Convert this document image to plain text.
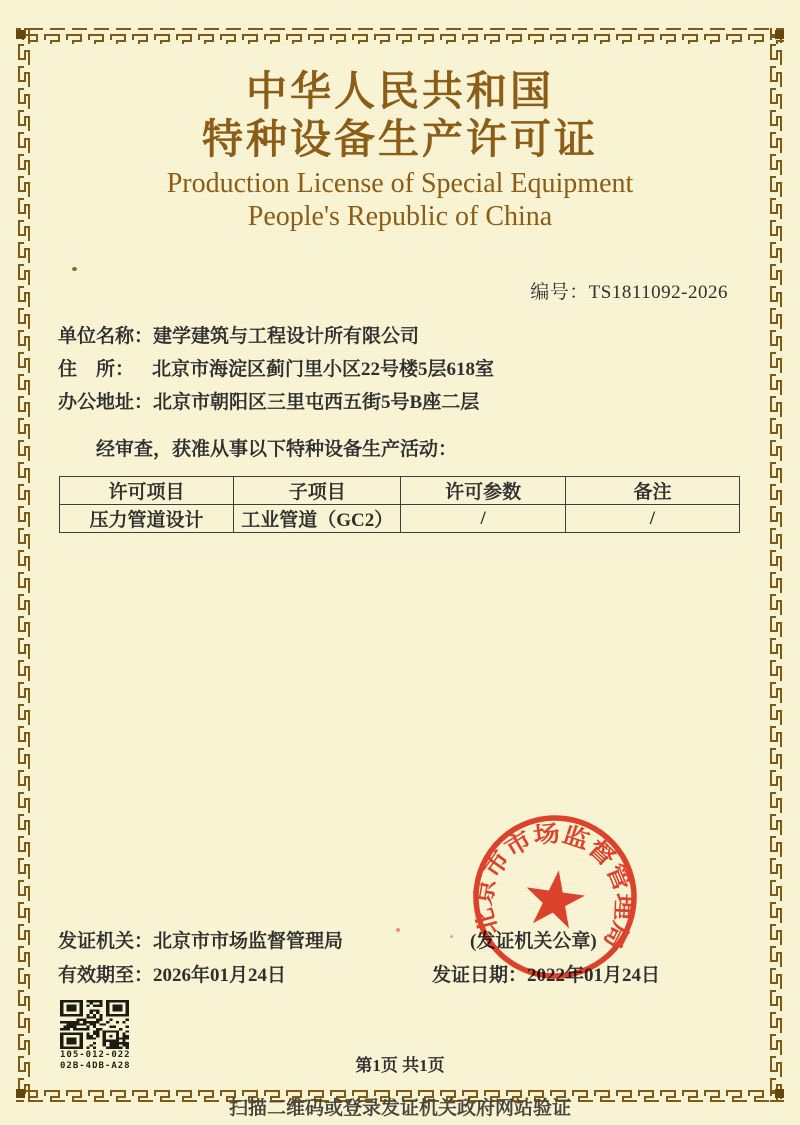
中华人民共和国
特种设备生产许可证
Production License of Special Equipment
People's Republic of China
编号：TS1811092-2026
单位名称：建学建筑与工程设计所有限公司
住　所： 北京市海淀区蓟门里小区22号楼5层618室
办公地址：北京市朝阳区三里屯西五街5号B座二层
经审查，获准从事以下特种设备生产活动：
许可项目	子项目	许可参数	备注
压力管道设计	工业管道（GC2）	/	/
发证机关：北京市市场监督管理局	(发证机关公章)
有效期至：2026年01月24日	发证日期：2022年01月24日
北京市市场监督管理局
105-012-022
02B-4DB-A28	第1页 共1页
扫描二维码或登录发证机关政府网站验证
